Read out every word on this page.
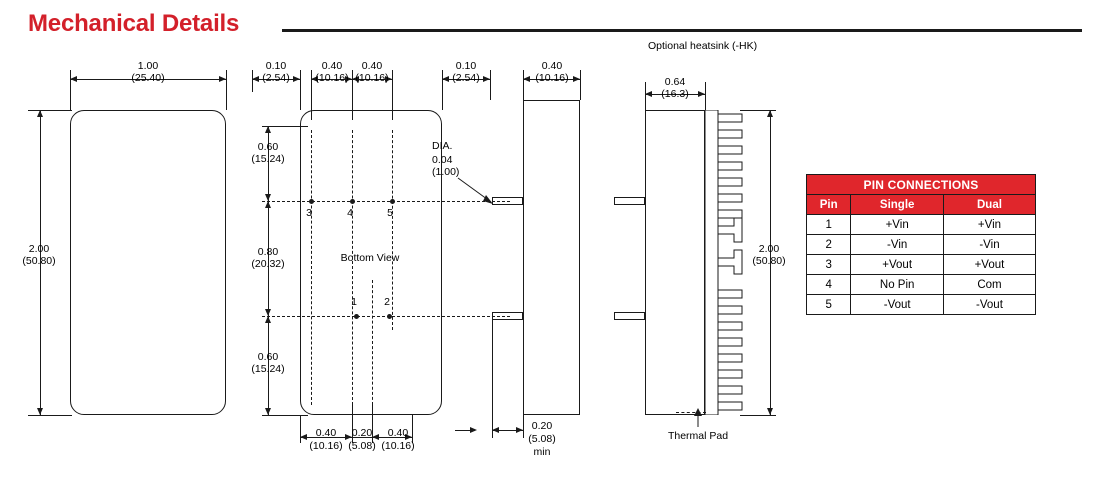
Mechanical Details
Optional heatsink (-HK)
1.00
(25.40)
2.00
(50.80)	Bottom View
3	4	5
1	2
DIA.
0.04
(1.00)
0.60
(15.24)
0.80
(20.32)
0.60
(15.24)
0.10
(2.54)
0.40
(10.16)
0.40
(10.16)
0.10
(2.54)
0.40
(10.16)
0.40
(10.16)
0.20
(5.08)
0.40
(10.16)
0.20
(5.08)
min
0.64
(16.3)
2.00
(50.80)
Thermal Pad
PIN CONNECTIONS		
Pin	Single	Dual
1	+Vin	+Vin
2	-Vin	-Vin
3	+Vout	+Vout
4	No Pin	Com
5	-Vout	-Vout
